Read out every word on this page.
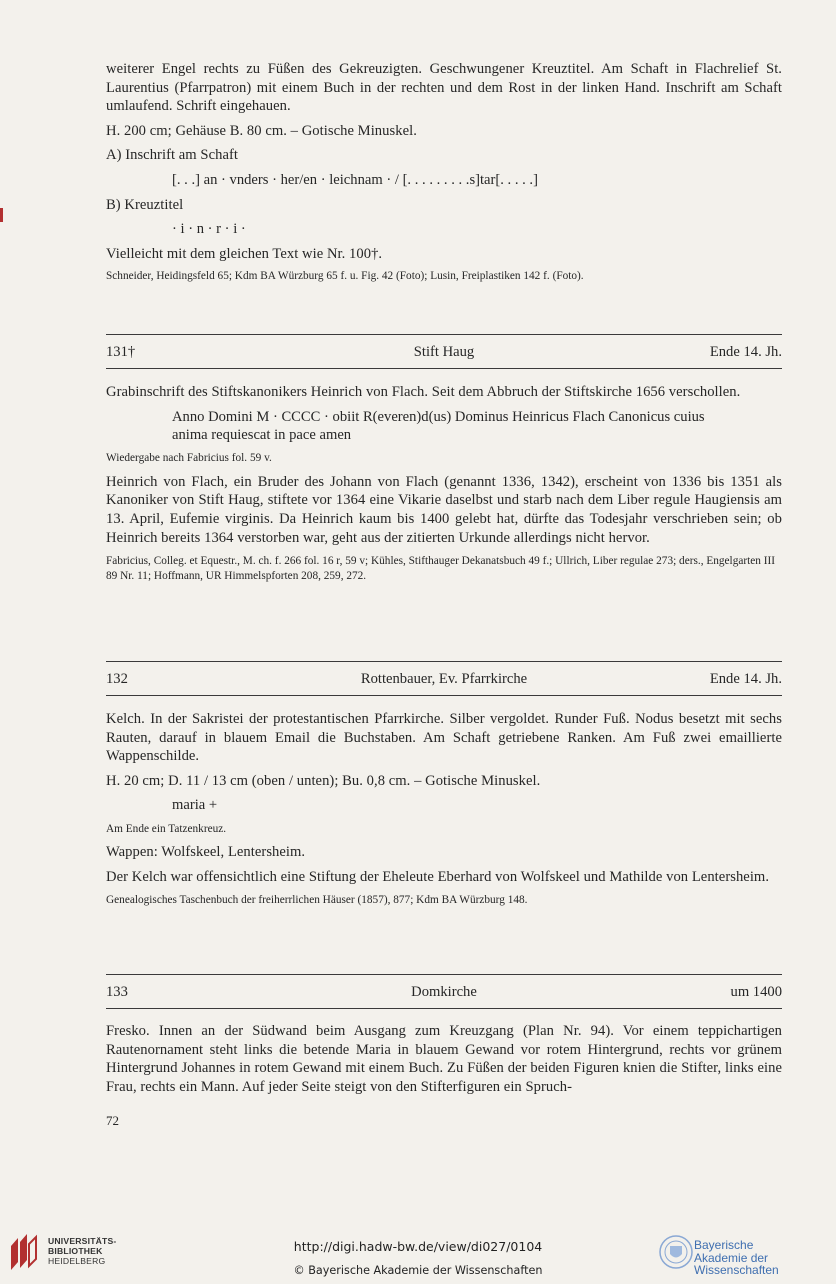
weiterer Engel rechts zu Füßen des Gekreuzigten. Geschwungener Kreuztitel. Am Schaft in Flachrelief St. Laurentius (Pfarrpatron) mit einem Buch in der rechten und dem Rost in der linken Hand. Inschrift am Schaft umlaufend. Schrift eingehauen.

H. 200 cm; Gehäuse B. 80 cm. – Gotische Minuskel.

A) Inschrift am Schaft

[. . .] an · vnders · her/en · leichnam · / [. . . . . . . . .s]tar[. . . . .]

B) Kreuztitel

· i · n · r · i ·

Vielleicht mit dem gleichen Text wie Nr. 100†.

Schneider, Heidingsfeld 65; Kdm BA Würzburg 65 f. u. Fig. 42 (Foto); Lusin, Freiplastiken 142 f. (Foto).

131†	Stift Haug	Ende 14. Jh.

Grabinschrift des Stiftskanonikers Heinrich von Flach. Seit dem Abbruch der Stiftskirche 1656 verschollen.

Anno Domini M · CCCC · obiit R(everen)d(us) Dominus Heinricus Flach Canonicus cuius anima requiescat in pace amen

Wiedergabe nach Fabricius fol. 59 v.

Heinrich von Flach, ein Bruder des Johann von Flach (genannt 1336, 1342), erscheint von 1336 bis 1351 als Kanoniker von Stift Haug, stiftete vor 1364 eine Vikarie daselbst und starb nach dem Liber regule Haugiensis am 13. April, Eufemie virginis. Da Heinrich kaum bis 1400 gelebt hat, dürfte das Todesjahr verschrieben sein; ob Heinrich bereits 1364 verstorben war, geht aus der zitierten Urkunde allerdings nicht hervor.

Fabricius, Colleg. et Equestr., M. ch. f. 266 fol. 16 r, 59 v; Kühles, Stifthauger Dekanatsbuch 49 f.; Ullrich, Liber regulae 273; ders., Engelgarten III 89 Nr. 11; Hoffmann, UR Himmelspforten 208, 259, 272.

132	Rottenbauer, Ev. Pfarrkirche	Ende 14. Jh.

Kelch. In der Sakristei der protestantischen Pfarrkirche. Silber vergoldet. Runder Fuß. Nodus besetzt mit sechs Rauten, darauf in blauem Email die Buchstaben. Am Schaft getriebene Ranken. Am Fuß zwei emaillierte Wappenschilde.

H. 20 cm; D. 11 / 13 cm (oben / unten); Bu. 0,8 cm. – Gotische Minuskel.

maria +

Am Ende ein Tatzenkreuz.

Wappen: Wolfskeel, Lentersheim.

Der Kelch war offensichtlich eine Stiftung der Eheleute Eberhard von Wolfskeel und Mathilde von Lentersheim.

Genealogisches Taschenbuch der freiherrlichen Häuser (1857), 877; Kdm BA Würzburg 148.

133	Domkirche	um 1400

Fresko. Innen an der Südwand beim Ausgang zum Kreuzgang (Plan Nr. 94). Vor einem teppichartigen Rautenornament steht links die betende Maria in blauem Gewand vor rotem Hintergrund, rechts vor grünem Hintergrund Johannes in rotem Gewand mit einem Buch. Zu Füßen der beiden Figuren knien die Stifter, links eine Frau, rechts ein Mann. Auf jeder Seite steigt von den Stifterfiguren ein Spruch-

72
UNIVERSITÄTS-
BIBLIOTHEK
HEIDELBERG
http://digi.hadw-bw.de/view/di027/0104
© Bayerische Akademie der Wissenschaften
Bayerische
Akademie der Wissenschaften
